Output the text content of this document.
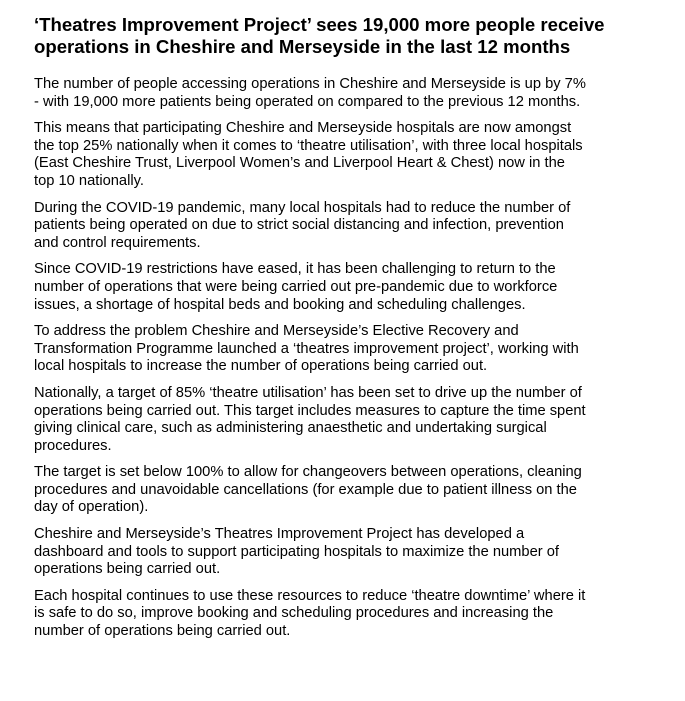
‘Theatres Improvement Project’ sees 19,000 more people receive
operations in Cheshire and Merseyside in the last 12 months

The number of people accessing operations in Cheshire and Merseyside is up by 7%
- with 19,000 more patients being operated on compared to the previous 12 months.

This means that participating Cheshire and Merseyside hospitals are now amongst
the top 25% nationally when it comes to ‘theatre utilisation’, with three local hospitals
(East Cheshire Trust, Liverpool Women’s and Liverpool Heart & Chest) now in the
top 10 nationally.

During the COVID-19 pandemic, many local hospitals had to reduce the number of
patients being operated on due to strict social distancing and infection, prevention
and control requirements.

Since COVID-19 restrictions have eased, it has been challenging to return to the
number of operations that were being carried out pre-pandemic due to workforce
issues, a shortage of hospital beds and booking and scheduling challenges.

To address the problem Cheshire and Merseyside’s Elective Recovery and
Transformation Programme launched a ‘theatres improvement project’, working with
local hospitals to increase the number of operations being carried out.

Nationally, a target of 85% ‘theatre utilisation’ has been set to drive up the number of
operations being carried out. This target includes measures to capture the time spent
giving clinical care, such as administering anaesthetic and undertaking surgical
procedures.

The target is set below 100% to allow for changeovers between operations, cleaning
procedures and unavoidable cancellations (for example due to patient illness on the
day of operation).

Cheshire and Merseyside’s Theatres Improvement Project has developed a
dashboard and tools to support participating hospitals to maximize the number of
operations being carried out.

Each hospital continues to use these resources to reduce ‘theatre downtime’ where it
is safe to do so, improve booking and scheduling procedures and increasing the
number of operations being carried out.
